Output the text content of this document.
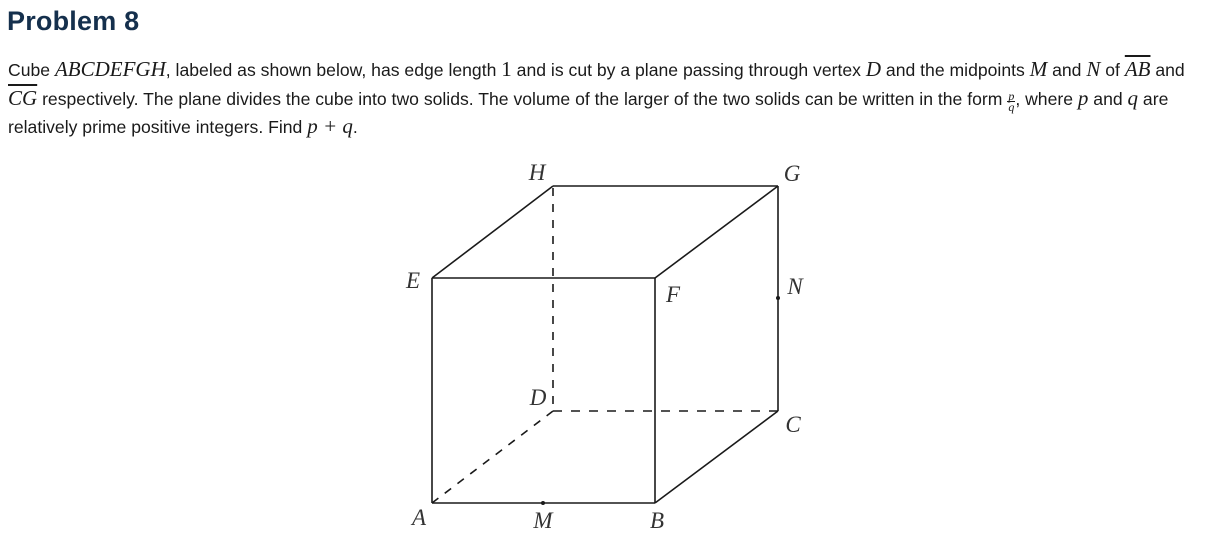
Problem 8

Cube ABCDEFGH, labeled as shown below, has edge length 1 and is cut by a plane passing through vertex D and the midpoints M and N of $\overline{AB}$ and $\overline{CG}$ respectively. The plane divides the cube into two solids. The volume of the larger of the two solids can be written in the form $\frac{p}{q}$ , where p and q are relatively prime positive integers. Find p + q.

H	G
E
F	N
D
C
A	M	B
